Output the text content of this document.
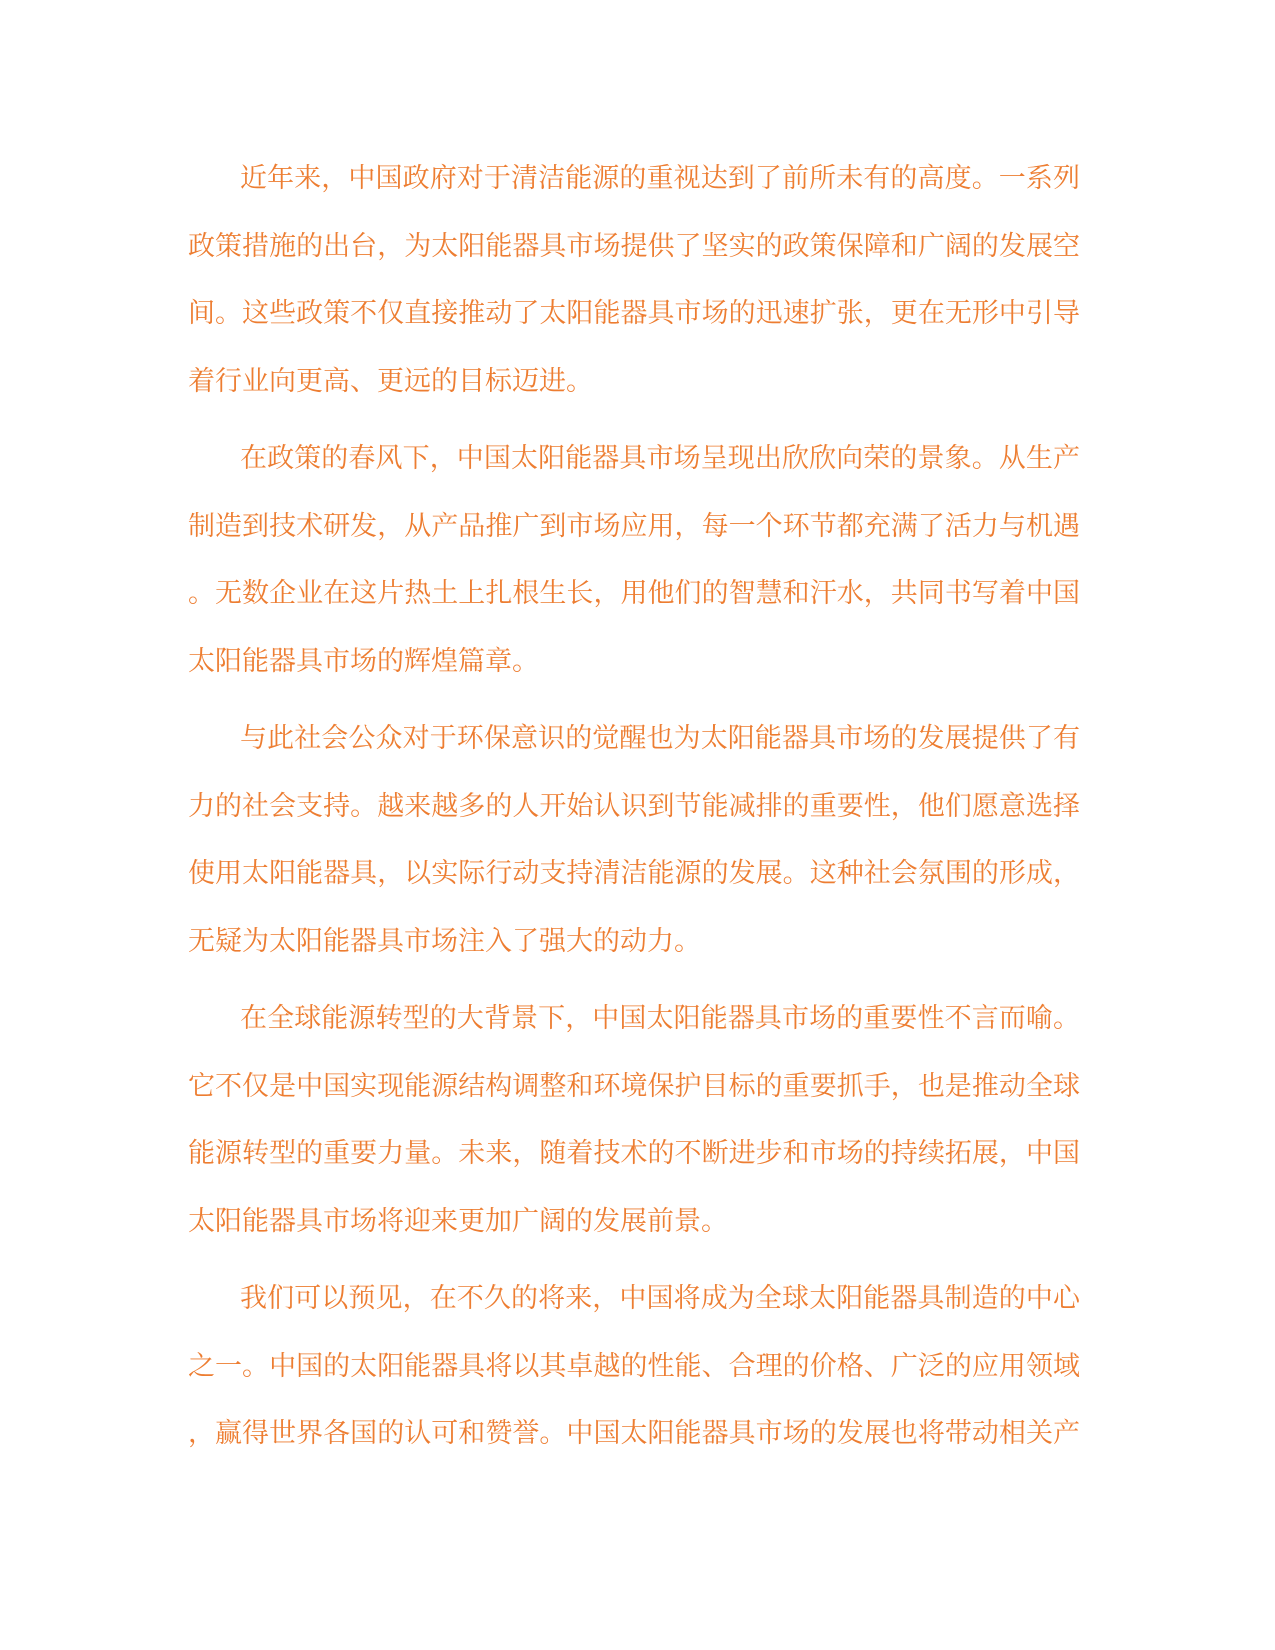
近年来，中国政府对于清洁能源的重视达到了前所未有的高度。一系列
政策措施的出台，为太阳能器具市场提供了坚实的政策保障和广阔的发展空
间。这些政策不仅直接推动了太阳能器具市场的迅速扩张，更在无形中引导
着行业向更高、更远的目标迈进。

在政策的春风下，中国太阳能器具市场呈现出欣欣向荣的景象。从生产
制造到技术研发，从产品推广到市场应用，每一个环节都充满了活力与机遇
。无数企业在这片热土上扎根生长，用他们的智慧和汗水，共同书写着中国
太阳能器具市场的辉煌篇章。

与此社会公众对于环保意识的觉醒也为太阳能器具市场的发展提供了有
力的社会支持。越来越多的人开始认识到节能减排的重要性，他们愿意选择
使用太阳能器具，以实际行动支持清洁能源的发展。这种社会氛围的形成，
无疑为太阳能器具市场注入了强大的动力。

在全球能源转型的大背景下，中国太阳能器具市场的重要性不言而喻。
它不仅是中国实现能源结构调整和环境保护目标的重要抓手，也是推动全球
能源转型的重要力量。未来，随着技术的不断进步和市场的持续拓展，中国
太阳能器具市场将迎来更加广阔的发展前景。

我们可以预见，在不久的将来，中国将成为全球太阳能器具制造的中心
之一。中国的太阳能器具将以其卓越的性能、合理的价格、广泛的应用领域
，赢得世界各国的认可和赞誉。中国太阳能器具市场的发展也将带动相关产
